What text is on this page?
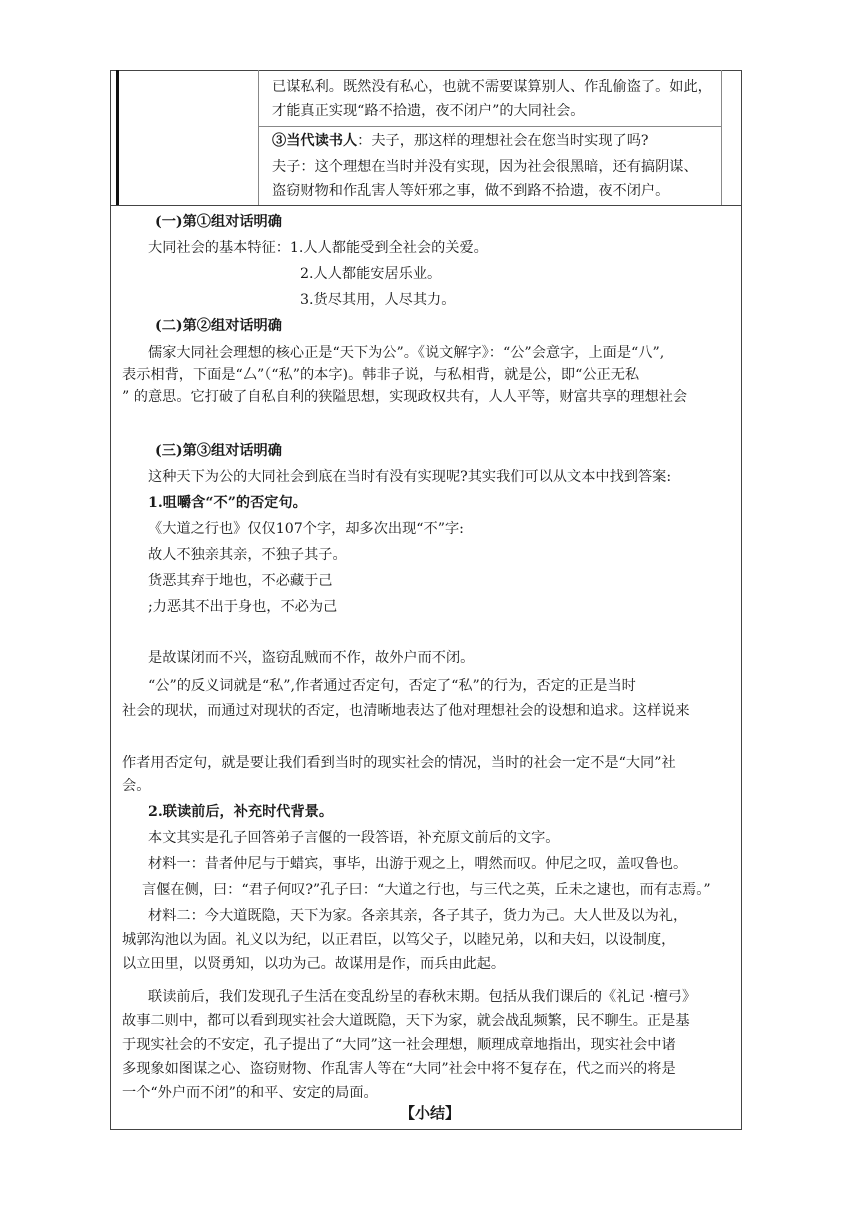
已谋私利。既然没有私心，也就不需要谋算别人、作乱偷盗了。如此，
才能真正实现“路不拾遗，夜不闭户”的大同社会。
③当代读书人：夫子，那这样的理想社会在您当时实现了吗?
夫子：这个理想在当时并没有实现，因为社会很黑暗，还有搞阴谋、
盗窃财物和作乱害人等奸邪之事，做不到路不拾遗，夜不闭户。
(一)第①组对话明确
大同社会的基本特征：1.人人都能受到全社会的关爱。
2.人人都能安居乐业。
3.货尽其用，人尽其力。
(二)第②组对话明确
儒家大同社会理想的核心正是“天下为公”。《说文解字》：“公”会意字，上面是“八”,
表示相背，下面是“厶”（“私”的本字)。韩非子说，与私相背，就是公，即“公正无私
” 的意思。它打破了自私自利的狭隘思想，实现政权共有，人人平等，财富共享的理想社会
(三)第③组对话明确
这种天下为公的大同社会到底在当时有没有实现呢?其实我们可以从文本中找到答案:
1.咀嚼含“不”的否定句。
《大道之行也》仅仅107个字，却多次出现“不”字:
故人不独亲其亲，不独子其子。
货恶其弃于地也，不必藏于己
;力恶其不出于身也，不必为己
是故谋闭而不兴，盗窃乱贼而不作，故外户而不闭。
“公”的反义词就是“私”,作者通过否定句，否定了“私”的行为，否定的正是当时
社会的现状，而通过对现状的否定，也清晰地表达了他对理想社会的设想和追求。这样说来
作者用否定句，就是要让我们看到当时的现实社会的情况，当时的社会一定不是“大同”社
会。
2.联读前后，补充时代背景。
本文其实是孔子回答弟子言偃的一段答语，补充原文前后的文字。
材料一：昔者仲尼与于蜡宾，事毕，出游于观之上，喟然而叹。仲尼之叹，盖叹鲁也。
言偃在侧，曰：“君子何叹?”孔子曰：“大道之行也，与三代之英，丘未之逮也，而有志焉。”
材料二：今大道既隐，天下为家。各亲其亲，各子其子，货力为己。大人世及以为礼，
城郭沟池以为固。礼义以为纪，以正君臣，以笃父子，以睦兄弟，以和夫妇，以设制度，
以立田里，以贤勇知，以功为己。故谋用是作，而兵由此起。
联读前后，我们发现孔子生活在变乱纷呈的春秋末期。包括从我们课后的《礼记 ·檀弓》
故事二则中，都可以看到现实社会大道既隐，天下为家，就会战乱频繁，民不聊生。正是基
于现实社会的不安定，孔子提出了“大同”这一社会理想，顺理成章地指出，现实社会中诸
多现象如图谋之心、盗窃财物、作乱害人等在“大同”社会中将不复存在，代之而兴的将是
一个“外户而不闭”的和平、安定的局面。
【小结】
